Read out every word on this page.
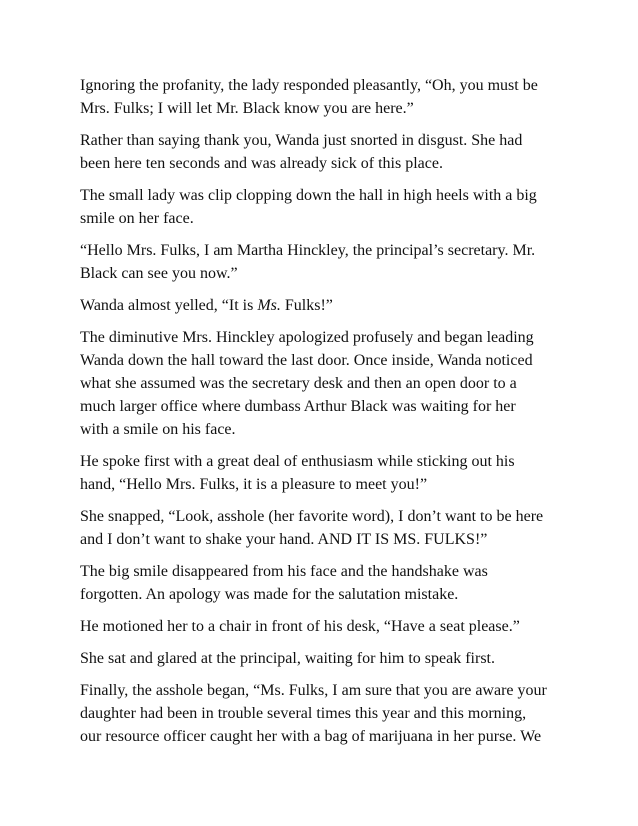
Ignoring the profanity, the lady responded pleasantly, “Oh, you must be
Mrs. Fulks; I will let Mr. Black know you are here.”

Rather than saying thank you, Wanda just snorted in disgust. She had
been here ten seconds and was already sick of this place.

The small lady was clip clopping down the hall in high heels with a big
smile on her face.

“Hello Mrs. Fulks, I am Martha Hinckley, the principal’s secretary. Mr.
Black can see you now.”

Wanda almost yelled, “It is Ms. Fulks!”

The diminutive Mrs. Hinckley apologized profusely and began leading
Wanda down the hall toward the last door. Once inside, Wanda noticed
what she assumed was the secretary desk and then an open door to a
much larger office where dumbass Arthur Black was waiting for her
with a smile on his face.

He spoke first with a great deal of enthusiasm while sticking out his
hand, “Hello Mrs. Fulks, it is a pleasure to meet you!”

She snapped, “Look, asshole (her favorite word), I don’t want to be here
and I don’t want to shake your hand. AND IT IS MS. FULKS!”

The big smile disappeared from his face and the handshake was
forgotten. An apology was made for the salutation mistake.

He motioned her to a chair in front of his desk, “Have a seat please.”

She sat and glared at the principal, waiting for him to speak first.

Finally, the asshole began, “Ms. Fulks, I am sure that you are aware your
daughter had been in trouble several times this year and this morning,
our resource officer caught her with a bag of marijuana in her purse. We
